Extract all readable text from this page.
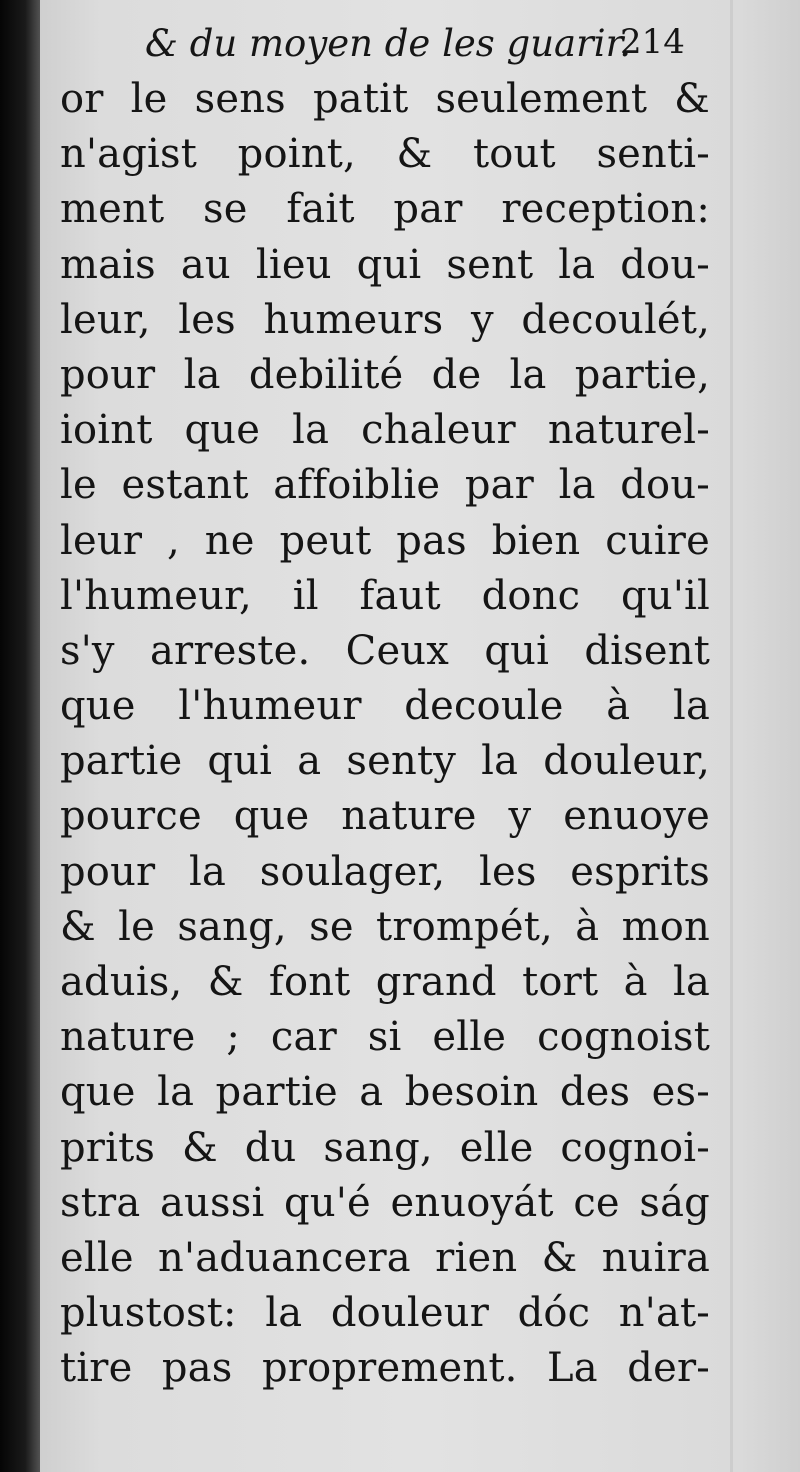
& du moyen de les guarir.
214
or le sens patit seulement &
n'agist point, & tout senti-
ment se fait par reception:
mais au lieu qui sent la dou-
leur, les humeurs y decoulét,
pour la debilité de la partie,
ioint que la chaleur naturel-
le estant affoiblie par la dou-
leur , ne peut pas bien cuire
l'humeur, il faut donc qu'il
s'y arreste. Ceux qui disent
que l'humeur decoule à la
partie qui a senty la douleur,
pource que nature y enuoye
pour la soulager, les esprits
& le sang, se trompét, à mon
aduis, & font grand tort à la
nature ; car si elle cognoist
que la partie a besoin des es-
prits & du sang, elle cognoi-
stra aussi qu'é enuoyát ce ság
elle n'aduancera rien & nuira
plustost: la douleur dóc n'at-
tire pas proprement. La der-
